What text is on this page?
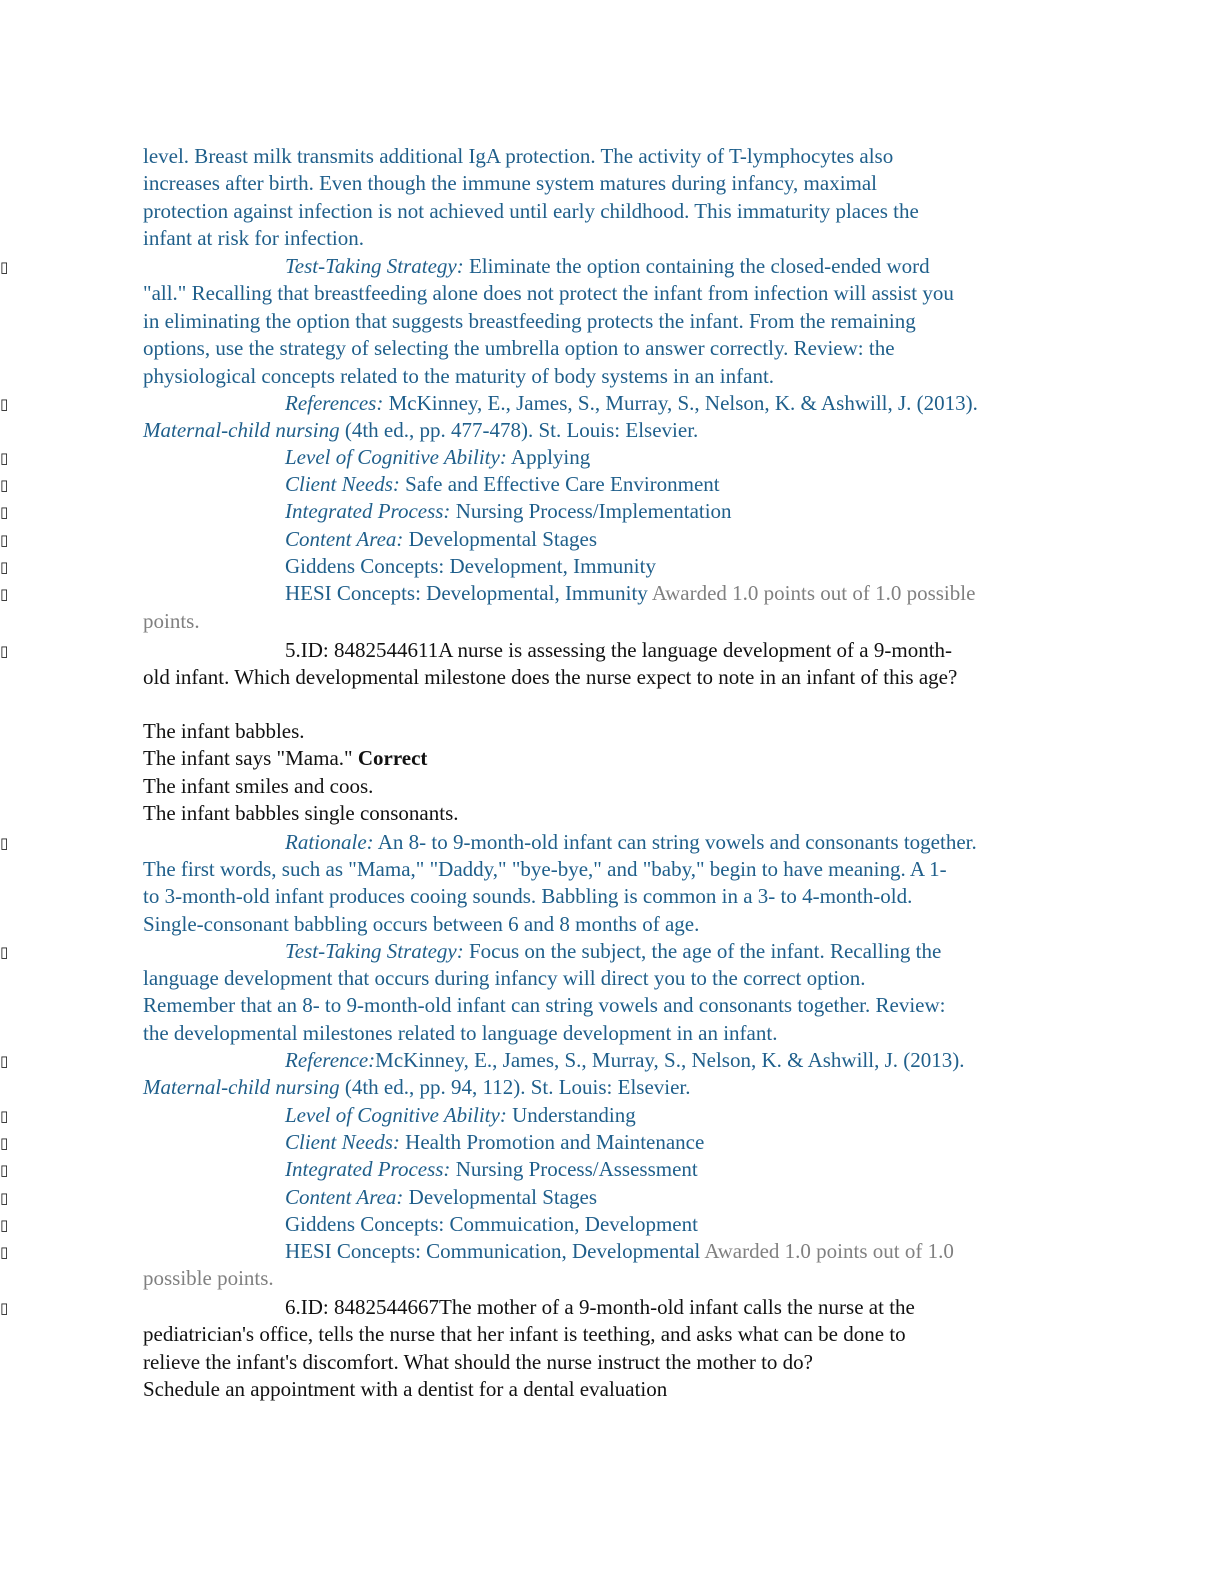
level. Breast milk transmits additional IgA protection. The activity of T-lymphocytes also
increases after birth. Even though the immune system matures during infancy, maximal
protection against infection is not achieved until early childhood. This immaturity places the
infant at risk for infection.
▯	Test-Taking Strategy: Eliminate the option containing the closed-ended word
"all." Recalling that breastfeeding alone does not protect the infant from infection will assist you
in eliminating the option that suggests breastfeeding protects the infant. From the remaining
options, use the strategy of selecting the umbrella option to answer correctly. Review: the
physiological concepts related to the maturity of body systems in an infant.
▯	References: McKinney, E., James, S., Murray, S., Nelson, K. & Ashwill, J. (2013).
Maternal-child nursing (4th ed., pp. 477-478). St. Louis: Elsevier.
▯	Level of Cognitive Ability: Applying
▯	Client Needs: Safe and Effective Care Environment
▯	Integrated Process: Nursing Process/Implementation
▯	Content Area: Developmental Stages
▯	Giddens Concepts: Development, Immunity
▯	HESI Concepts: Developmental, Immunity Awarded 1.0 points out of 1.0 possible
points.
▯	5.ID: 8482544611A nurse is assessing the language development of a 9-month-
old infant. Which developmental milestone does the nurse expect to note in an infant of this age?
The infant babbles.
The infant says "Mama." Correct
The infant smiles and coos.
The infant babbles single consonants.
▯	Rationale: An 8- to 9-month-old infant can string vowels and consonants together.
The first words, such as "Mama," "Daddy," "bye-bye," and "baby," begin to have meaning. A 1-
to 3-month-old infant produces cooing sounds. Babbling is common in a 3- to 4-month-old.
Single-consonant babbling occurs between 6 and 8 months of age.
▯	Test-Taking Strategy: Focus on the subject, the age of the infant. Recalling the
language development that occurs during infancy will direct you to the correct option.
Remember that an 8- to 9-month-old infant can string vowels and consonants together. Review:
the developmental milestones related to language development in an infant.
▯	Reference:McKinney, E., James, S., Murray, S., Nelson, K. & Ashwill, J. (2013).
Maternal-child nursing (4th ed., pp. 94, 112). St. Louis: Elsevier.
▯	Level of Cognitive Ability: Understanding
▯	Client Needs: Health Promotion and Maintenance
▯	Integrated Process: Nursing Process/Assessment
▯	Content Area: Developmental Stages
▯	Giddens Concepts: Commuication, Development
▯	HESI Concepts: Communication, Developmental Awarded 1.0 points out of 1.0
possible points.
▯	6.ID: 8482544667The mother of a 9-month-old infant calls the nurse at the
pediatrician's office, tells the nurse that her infant is teething, and asks what can be done to
relieve the infant's discomfort. What should the nurse instruct the mother to do?
Schedule an appointment with a dentist for a dental evaluation
